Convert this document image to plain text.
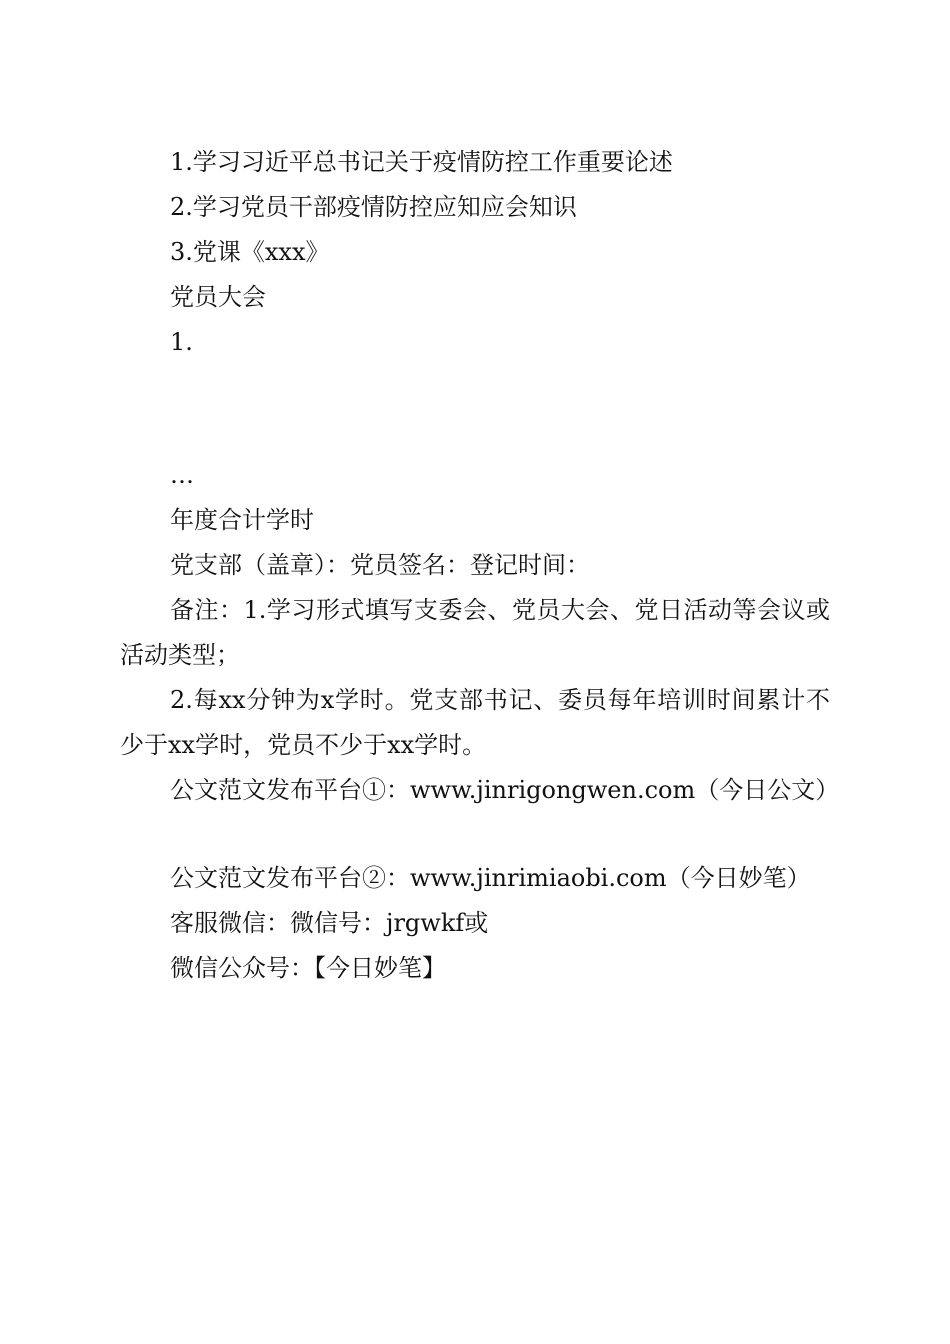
1.学习习近平总书记关于疫情防控工作重要论述
2.学习党员干部疫情防控应知应会知识
3.党课《xxx》
党员大会
1.
…
年度合计学时
党支部（盖章）：党员签名：登记时间：
备注：1.学习形式填写支委会、党员大会、党日活动等会议或活动类型；
2.每xx分钟为x学时。党支部书记、委员每年培训时间累计不少于xx学时，党员不少于xx学时。
公文范文发布平台①：www.jinrigongwen.com（今日公文）
公文范文发布平台②：www.jinrimiaobi.com（今日妙笔）
客服微信：微信号：jrgwkf或
微信公众号：【今日妙笔】
